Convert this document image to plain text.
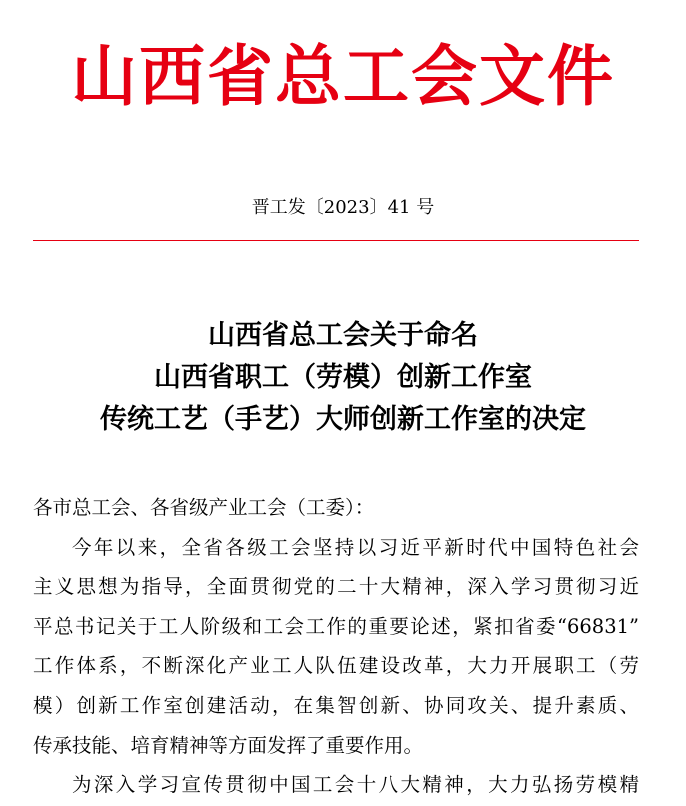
山西省总工会文件
晋工发〔2023〕41 号
山西省总工会关于命名
山西省职工（劳模）创新工作室
传统工艺（手艺）大师创新工作室的决定
各市总工会、各省级产业工会（工委）：
今年以来，全省各级工会坚持以习近平新时代中国特色社会
主义思想为指导，全面贯彻党的二十大精神，深入学习贯彻习近
平总书记关于工人阶级和工会工作的重要论述，紧扣省委“66831”
工作体系，不断深化产业工人队伍建设改革，大力开展职工（劳
模）创新工作室创建活动，在集智创新、协同攻关、提升素质、
传承技能、培育精神等方面发挥了重要作用。
为深入学习宣传贯彻中国工会十八大精神，大力弘扬劳模精
